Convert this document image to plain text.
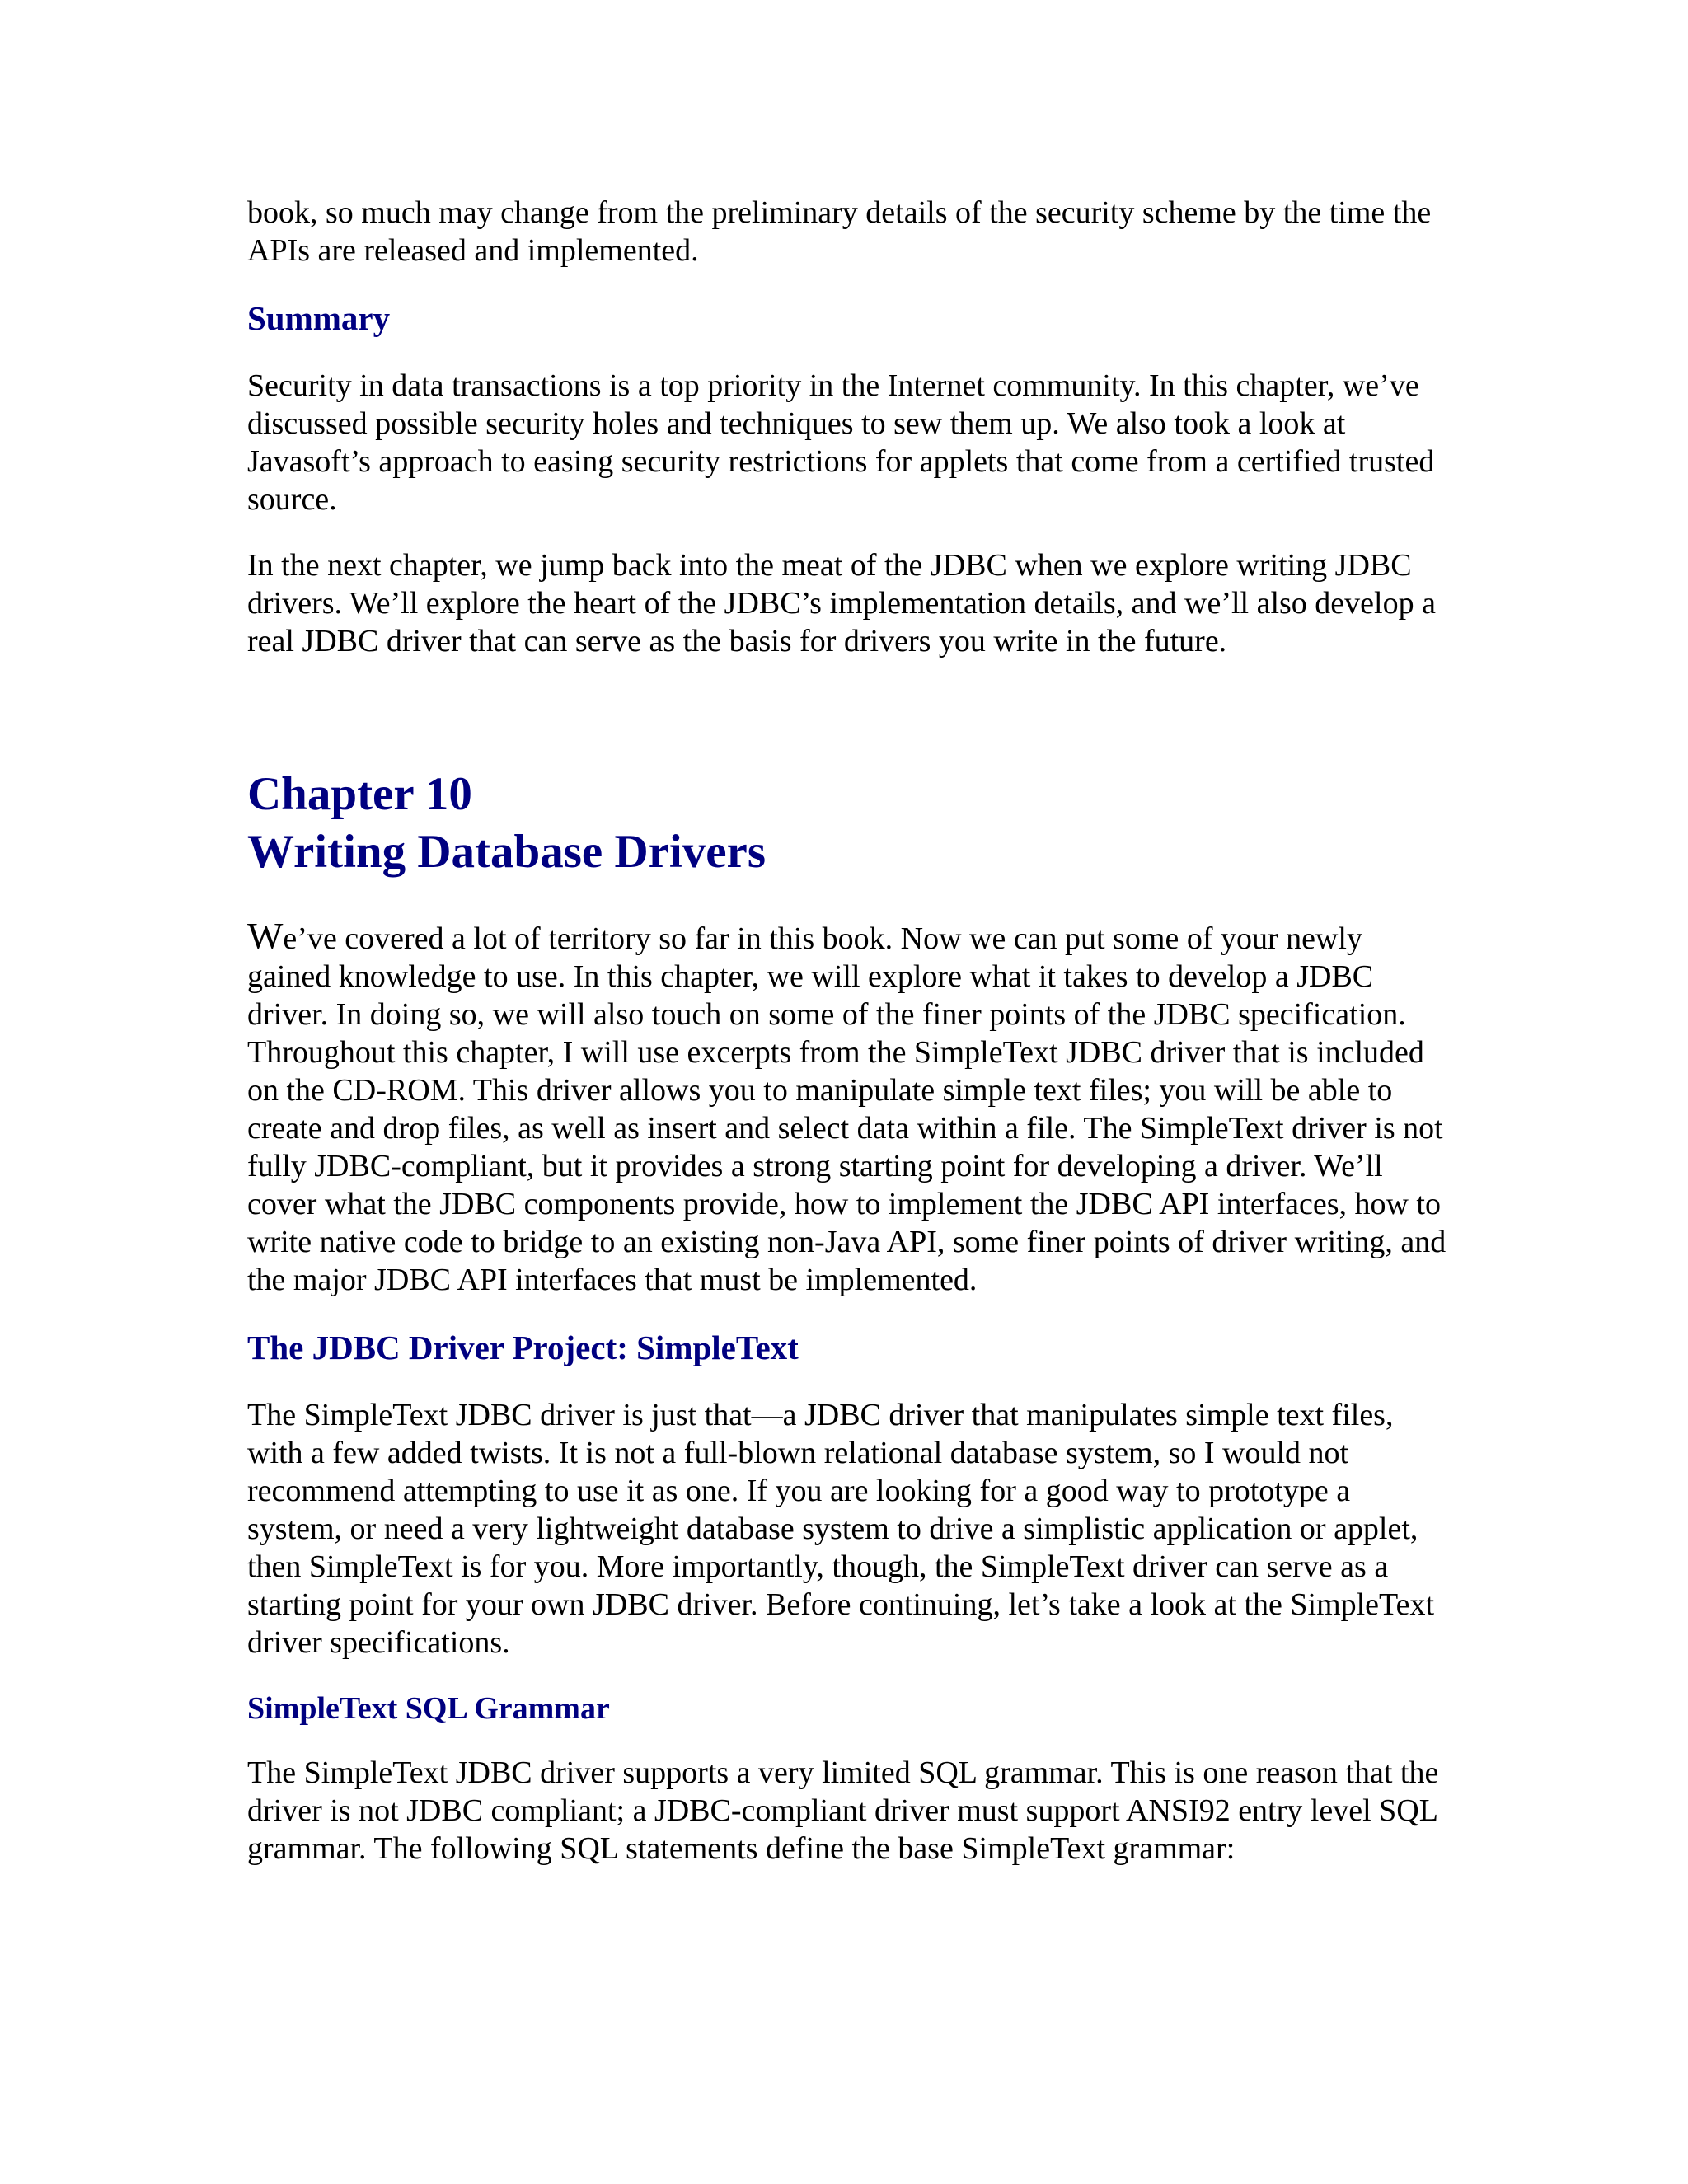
book, so much may change from the preliminary details of the security scheme by the time the APIs are released and implemented.

Summary

Security in data transactions is a top priority in the Internet community. In this chapter, we’ve discussed possible security holes and techniques to sew them up. We also took a look at Javasoft’s approach to easing security restrictions for applets that come from a certified trusted source.

In the next chapter, we jump back into the meat of the JDBC when we explore writing JDBC drivers. We’ll explore the heart of the JDBC’s implementation details, and we’ll also develop a real JDBC driver that can serve as the basis for drivers you write in the future.

Chapter 10
Writing Database Drivers

We’ve covered a lot of territory so far in this book. Now we can put some of your newly gained knowledge to use. In this chapter, we will explore what it takes to develop a JDBC driver. In doing so, we will also touch on some of the finer points of the JDBC specification. Throughout this chapter, I will use excerpts from the SimpleText JDBC driver that is included on the CD-ROM. This driver allows you to manipulate simple text files; you will be able to create and drop files, as well as insert and select data within a file. The SimpleText driver is not fully JDBC-compliant, but it provides a strong starting point for developing a driver. We’ll cover what the JDBC components provide, how to implement the JDBC API interfaces, how to write native code to bridge to an existing non-Java API, some finer points of driver writing, and the major JDBC API interfaces that must be implemented.

The JDBC Driver Project: SimpleText

The SimpleText JDBC driver is just that—a JDBC driver that manipulates simple text files, with a few added twists. It is not a full-blown relational database system, so I would not recommend attempting to use it as one. If you are looking for a good way to prototype a system, or need a very lightweight database system to drive a simplistic application or applet, then SimpleText is for you. More importantly, though, the SimpleText driver can serve as a starting point for your own JDBC driver. Before continuing, let’s take a look at the SimpleText driver specifications.

SimpleText SQL Grammar

The SimpleText JDBC driver supports a very limited SQL grammar. This is one reason that the driver is not JDBC compliant; a JDBC-compliant driver must support ANSI92 entry level SQL grammar. The following SQL statements define the base SimpleText grammar:
